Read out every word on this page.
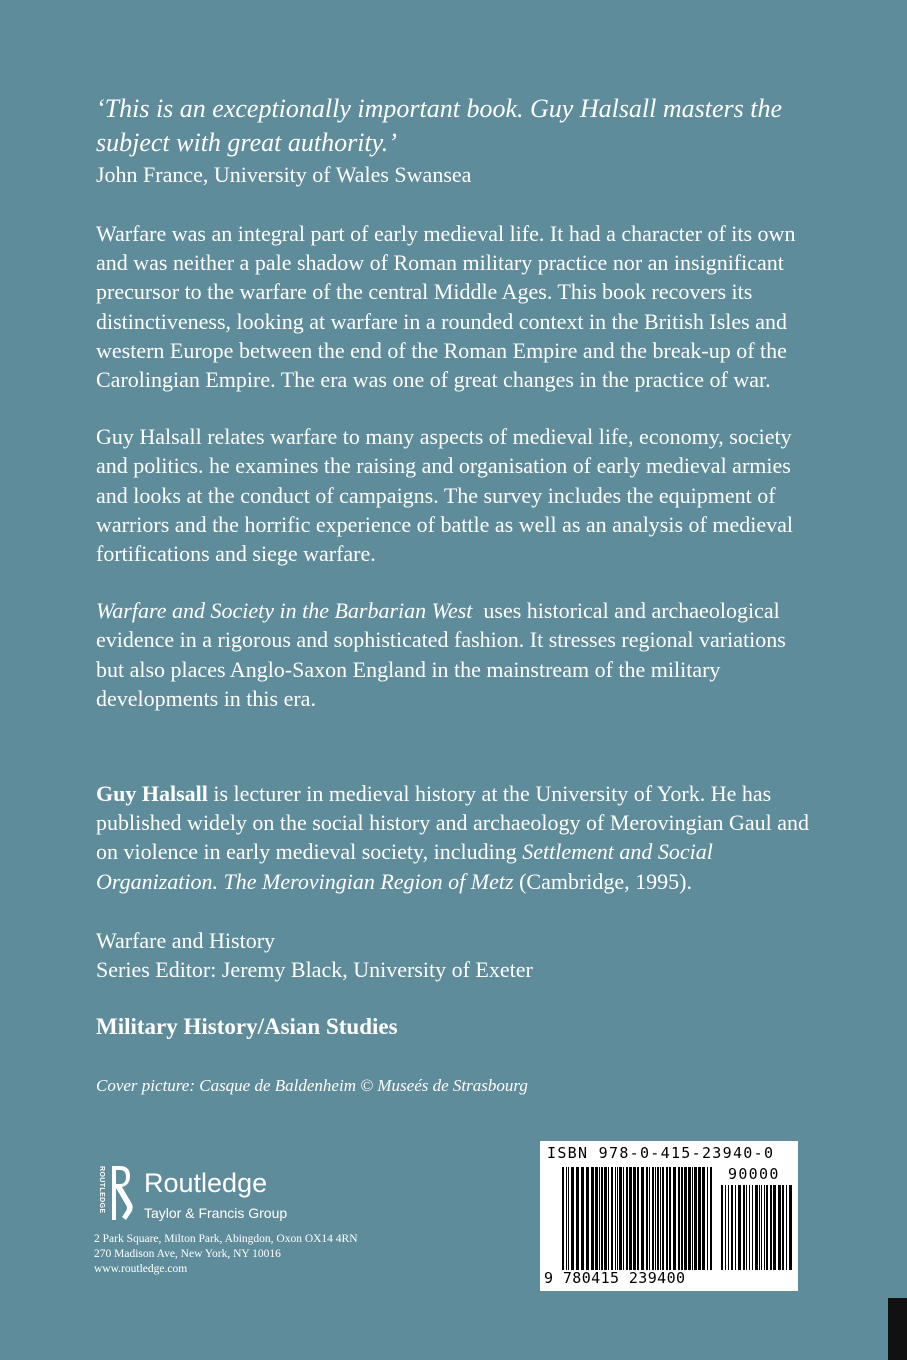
‘This is an exceptionally important book. Guy Halsall masters the subject with great authority.’

John France, University of Wales Swansea

Warfare was an integral part of early medieval life. It had a character of its own and was neither a pale shadow of Roman military practice nor an insignificant precursor to the warfare of the central Middle Ages. This book recovers its distinctiveness, looking at warfare in a rounded context in the British Isles and western Europe between the end of the Roman Empire and the break-up of the Carolingian Empire. The era was one of great changes in the practice of war.

Guy Halsall relates warfare to many aspects of medieval life, economy, society and politics. he examines the raising and organisation of early medieval armies and looks at the conduct of campaigns. The survey includes the equipment of warriors and the horrific experience of battle as well as an analysis of medieval fortifications and siege warfare.

Warfare and Society in the Barbarian West uses historical and archaeological evidence in a rigorous and sophisticated fashion. It stresses regional variations but also places Anglo-Saxon England in the mainstream of the military developments in this era.

Guy Halsall is lecturer in medieval history at the University of York. He has published widely on the social history and archaeology of Merovingian Gaul and on violence in early medieval society, including Settlement and Social Organization. The Merovingian Region of Metz (Cambridge, 1995).

Warfare and History

Series Editor: Jeremy Black, University of Exeter

Military History/Asian Studies

Cover picture: Casque de Baldenheim © Museés de Strasbourg

ROUTLEDGE Routledge
Taylor & Francis Group
2 Park Square, Milton Park, Abingdon, Oxon OX14 4RN
270 Madison Ave, New York, NY 10016
www.routledge.com
ISBN 978-0-415-23940-0
90000
9 780415 239400
